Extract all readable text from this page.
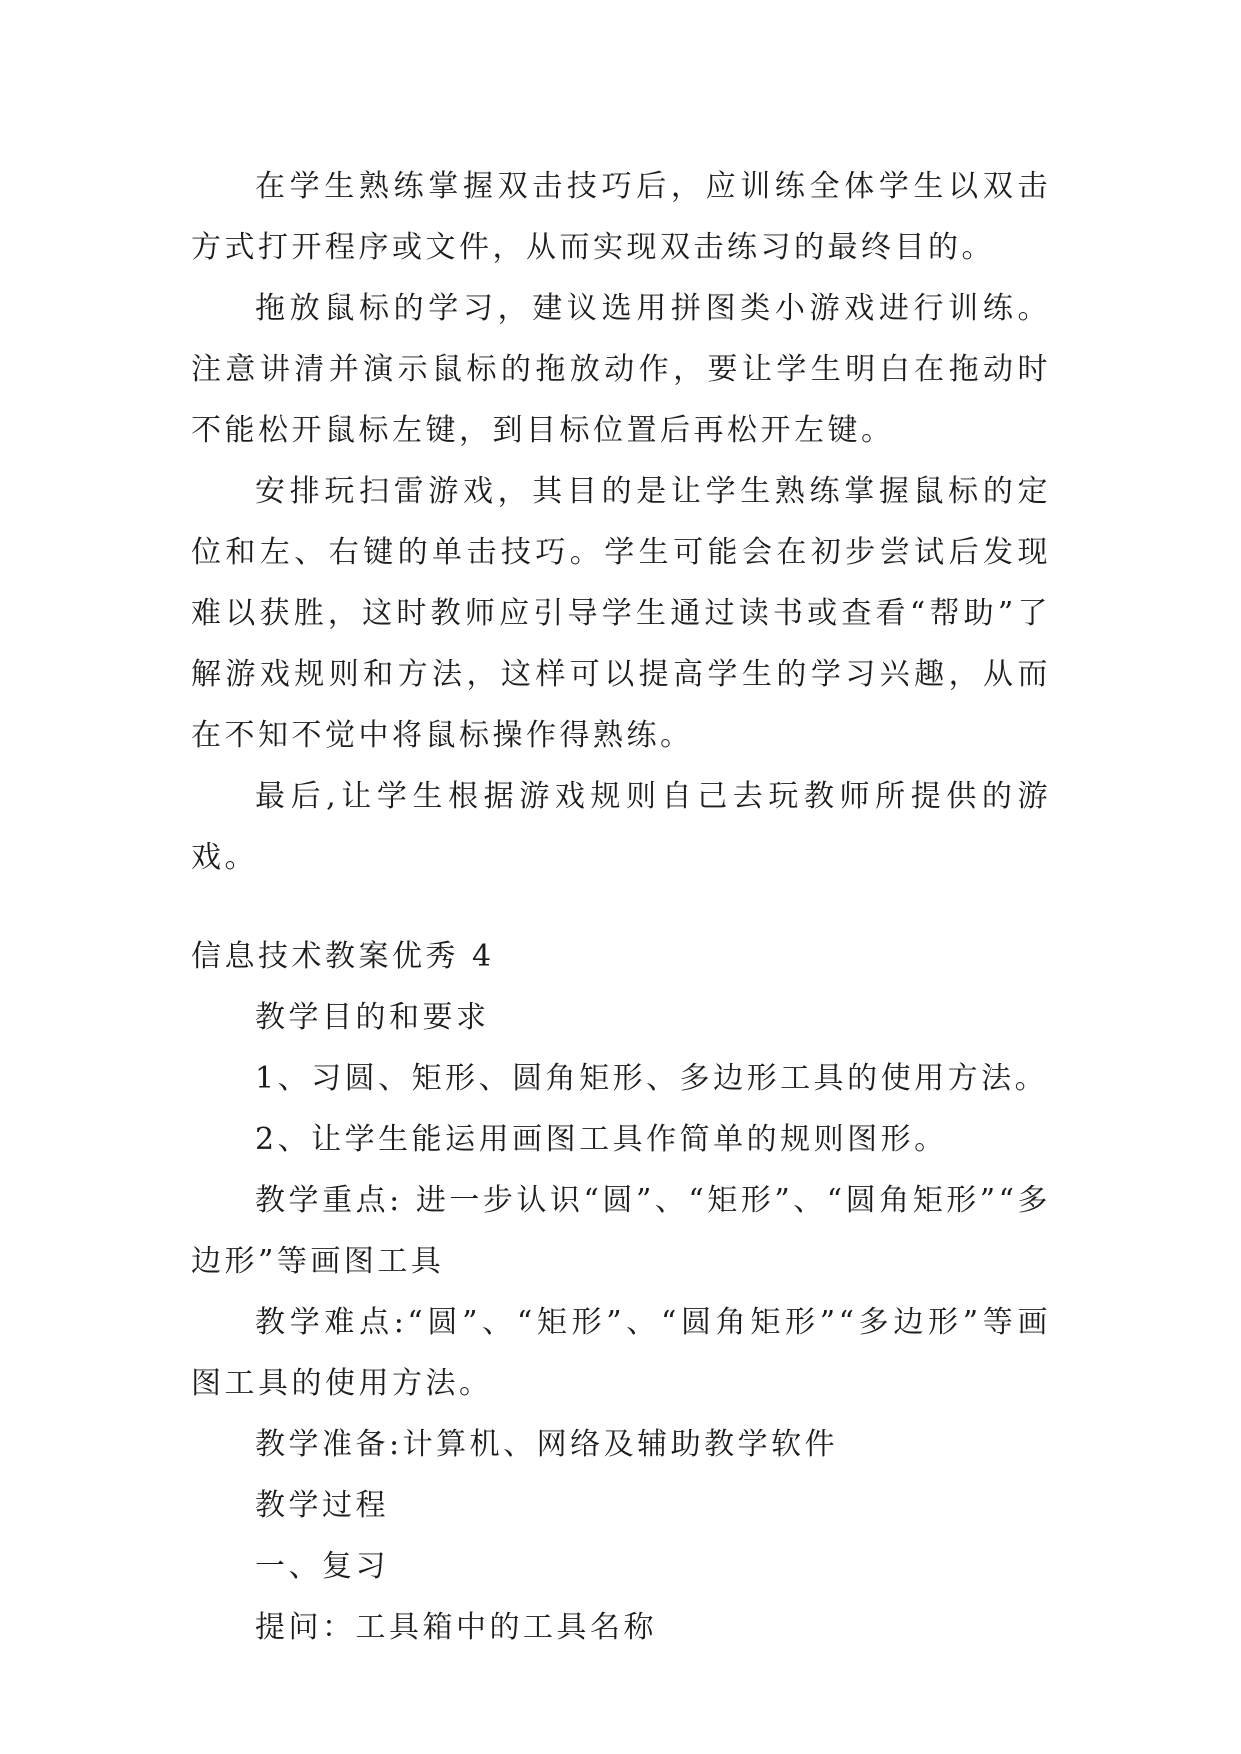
在学生熟练掌握双击技巧后，应训练全体学生以双击方式打开程序或文件，从而实现双击练习的最终目的。

拖放鼠标的学习，建议选用拼图类小游戏进行训练。注意讲清并演示鼠标的拖放动作，要让学生明白在拖动时不能松开鼠标左键，到目标位置后再松开左键。

安排玩扫雷游戏，其目的是让学生熟练掌握鼠标的定位和左、右键的单击技巧。学生可能会在初步尝试后发现难以获胜，这时教师应引导学生通过读书或查看“帮助”了解游戏规则和方法，这样可以提高学生的学习兴趣，从而在不知不觉中将鼠标操作得熟练。

最后,让学生根据游戏规则自己去玩教师所提供的游戏。

信息技术教案优秀 4

教学目的和要求

1、习圆、矩形、圆角矩形、多边形工具的使用方法。

2、让学生能运用画图工具作简单的规则图形。

教学重点: 进一步认识“圆”、“矩形”、“圆角矩形”“多边形”等画图工具

教学难点:“圆”、“矩形”、“圆角矩形”“多边形”等画图工具的使用方法。

教学准备:计算机、网络及辅助教学软件

教学过程

一、复习

提问：工具箱中的工具名称
